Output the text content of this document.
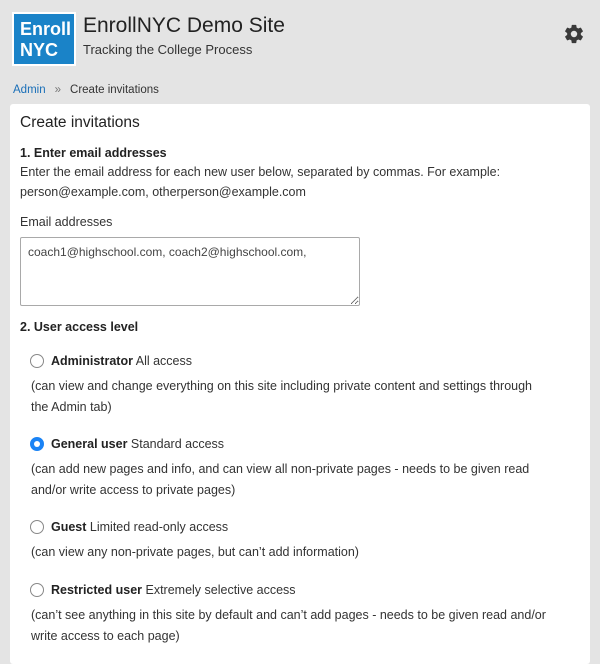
Enroll
NYC
EnrollNYC Demo Site
Tracking the College Process
Admin » Create invitations
Create invitations
1. Enter email addresses
Enter the email address for each new user below, separated by commas. For example:
person@example.com, otherperson@example.com
Email addresses
coach1@highschool.com, coach2@highschool.com,
2. User access level
Administrator All access
(can view and change everything on this site including private content and settings through
the Admin tab)
General user Standard access
(can add new pages and info, and can view all non-private pages - needs to be given read
and/or write access to private pages)
Guest Limited read-only access
(can view any non-private pages, but can’t add information)
Restricted user Extremely selective access
(can’t see anything in this site by default and can’t add pages - needs to be given read and/or
write access to each page)
